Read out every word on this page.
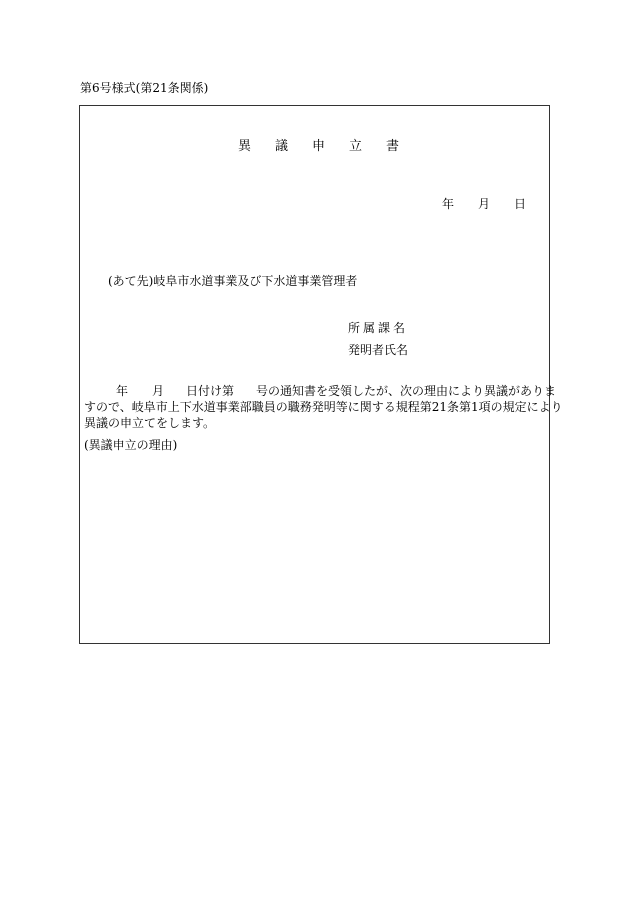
第6号様式(第21条関係)
異 議 申 立 書
年 月 日
(あて先)岐阜市水道事業及び下水道事業管理者
所属課名
発明者氏名
年 月 日付け第 号の通知書を受領したが、次の理由により異議がありま
すので、岐阜市上下水道事業部職員の職務発明等に関する規程第21条第1項の規定により
異議の申立てをします。
(異議申立の理由)
